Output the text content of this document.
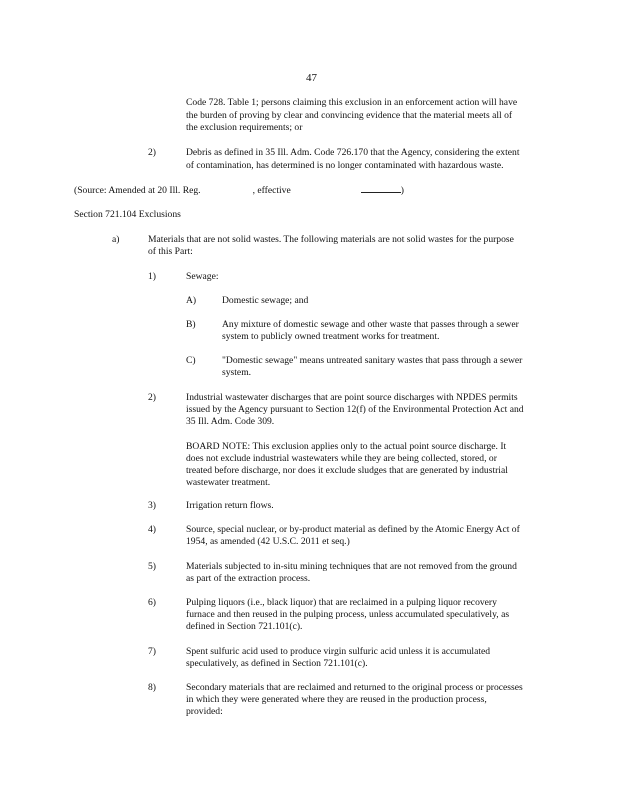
47
Code 728. Table 1; persons claiming this exclusion in an enforcement action will have
the burden of proving by clear and convincing evidence that the material meets all of
the exclusion requirements; or
2)	Debris as defined in 35 Ill. Adm. Code 726.170 that the Agency, considering the extent
of contamination, has determined is no longer contaminated with hazardous waste.
(Source: Amended at 20 Ill. Reg.	, effective	)
Section 721.104 Exclusions
a)	Materials that are not solid wastes. The following materials are not solid wastes for the purpose
of this Part:
1)	Sewage:
A)	Domestic sewage; and
B)	Any mixture of domestic sewage and other waste that passes through a sewer
system to publicly owned treatment works for treatment.
C)	"Domestic sewage" means untreated sanitary wastes that pass through a sewer
system.
2)	Industrial wastewater discharges that are point source discharges with NPDES permits
issued by the Agency pursuant to Section 12(f) of the Environmental Protection Act and
35 Ill. Adm. Code 309.
BOARD NOTE: This exclusion applies only to the actual point source discharge. It
does not exclude industrial wastewaters while they are being collected, stored, or
treated before discharge, nor does it exclude sludges that are generated by industrial
wastewater treatment.
3)	Irrigation return flows.
4)	Source, special nuclear, or by-product material as defined by the Atomic Energy Act of
1954, as amended (42 U.S.C. 2011 et seq.)
5)	Materials subjected to in-situ mining techniques that are not removed from the ground
as part of the extraction process.
6)	Pulping liquors (i.e., black liquor) that are reclaimed in a pulping liquor recovery
furnace and then reused in the pulping process, unless accumulated speculatively, as
defined in Section 721.101(c).
7)	Spent sulfuric acid used to produce virgin sulfuric acid unless it is accumulated
speculatively, as defined in Section 721.101(c).
8)	Secondary materials that are reclaimed and returned to the original process or processes
in which they were generated where they are reused in the production process,
provided:
